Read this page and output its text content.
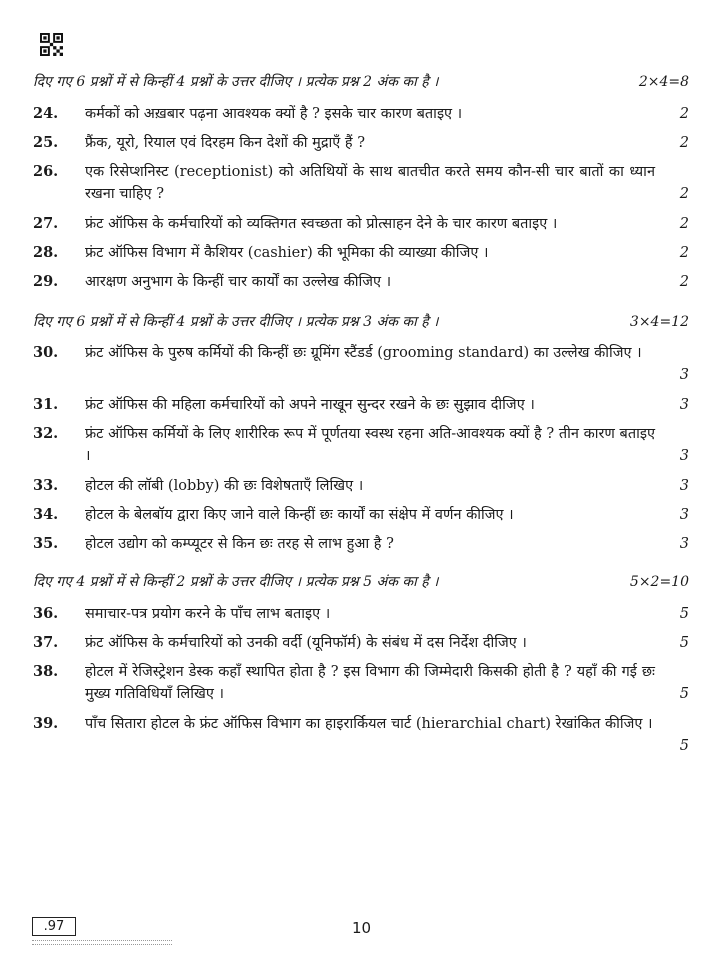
दिए गए 6 प्रश्नों में से किन्हीं 4 प्रश्नों के उत्तर दीजिए । प्रत्येक प्रश्न 2 अंक का है ।	2×4=8
24. कर्मकों को अख़बार पढ़ना आवश्यक क्यों है ? इसके चार कारण बताइए ।	2
25. फ्रैंक, यूरो, रियाल एवं दिरहम किन देशों की मुद्राएँ हैं ?	2
26. एक रिसेप्शनिस्ट (receptionist) को अतिथियों के साथ बातचीत करते समय कौन-सी चार बातों का ध्यान रखना चाहिए ?	2
27. फ्रंट ऑफिस के कर्मचारियों को व्यक्तिगत स्वच्छता को प्रोत्साहन देने के चार कारण बताइए ।	2
28. फ्रंट ऑफिस विभाग में कैशियर (cashier) की भूमिका की व्याख्या कीजिए ।	2
29. आरक्षण अनुभाग के किन्हीं चार कार्यों का उल्लेख कीजिए ।	2
दिए गए 6 प्रश्नों में से किन्हीं 4 प्रश्नों के उत्तर दीजिए । प्रत्येक प्रश्न 3 अंक का है ।	3×4=12
30. फ्रंट ऑफिस के पुरुष कर्मियों की किन्हीं छः ग्रूमिंग स्टैंडर्ड (grooming standard) का उल्लेख कीजिए ।
3
31. फ्रंट ऑफिस की महिला कर्मचारियों को अपने नाखून सुन्दर रखने के छः सुझाव दीजिए ।	3
32. फ्रंट ऑफिस कर्मियों के लिए शारीरिक रूप में पूर्णतया स्वस्थ रहना अति-आवश्यक क्यों है ? तीन कारण बताइए ।	3
33. होटल की लॉबी (lobby) की छः विशेषताएँ लिखिए ।	3
34. होटल के बेलबॉय द्वारा किए जाने वाले किन्हीं छः कार्यों का संक्षेप में वर्णन कीजिए ।	3
35. होटल उद्योग को कम्प्यूटर से किन छः तरह से लाभ हुआ है ?	3
दिए गए 4 प्रश्नों में से किन्हीं 2 प्रश्नों के उत्तर दीजिए । प्रत्येक प्रश्न 5 अंक का है ।	5×2=10
36. समाचार-पत्र प्रयोग करने के पाँच लाभ बताइए ।	5
37. फ्रंट ऑफिस के कर्मचारियों को उनकी वर्दी (यूनिफॉर्म) के संबंध में दस निर्देश दीजिए ।	5
38. होटल में रेजिस्ट्रेशन डेस्क कहाँ स्थापित होता है ? इस विभाग की जिम्मेदारी किसकी होती है ? यहाँ की गई छः मुख्य गतिविधियाँ लिखिए ।	5
39. पाँच सितारा होटल के फ्रंट ऑफिस विभाग का हाइरार्कियल चार्ट (hierarchial chart) रेखांकित कीजिए ।
5
.97	10
